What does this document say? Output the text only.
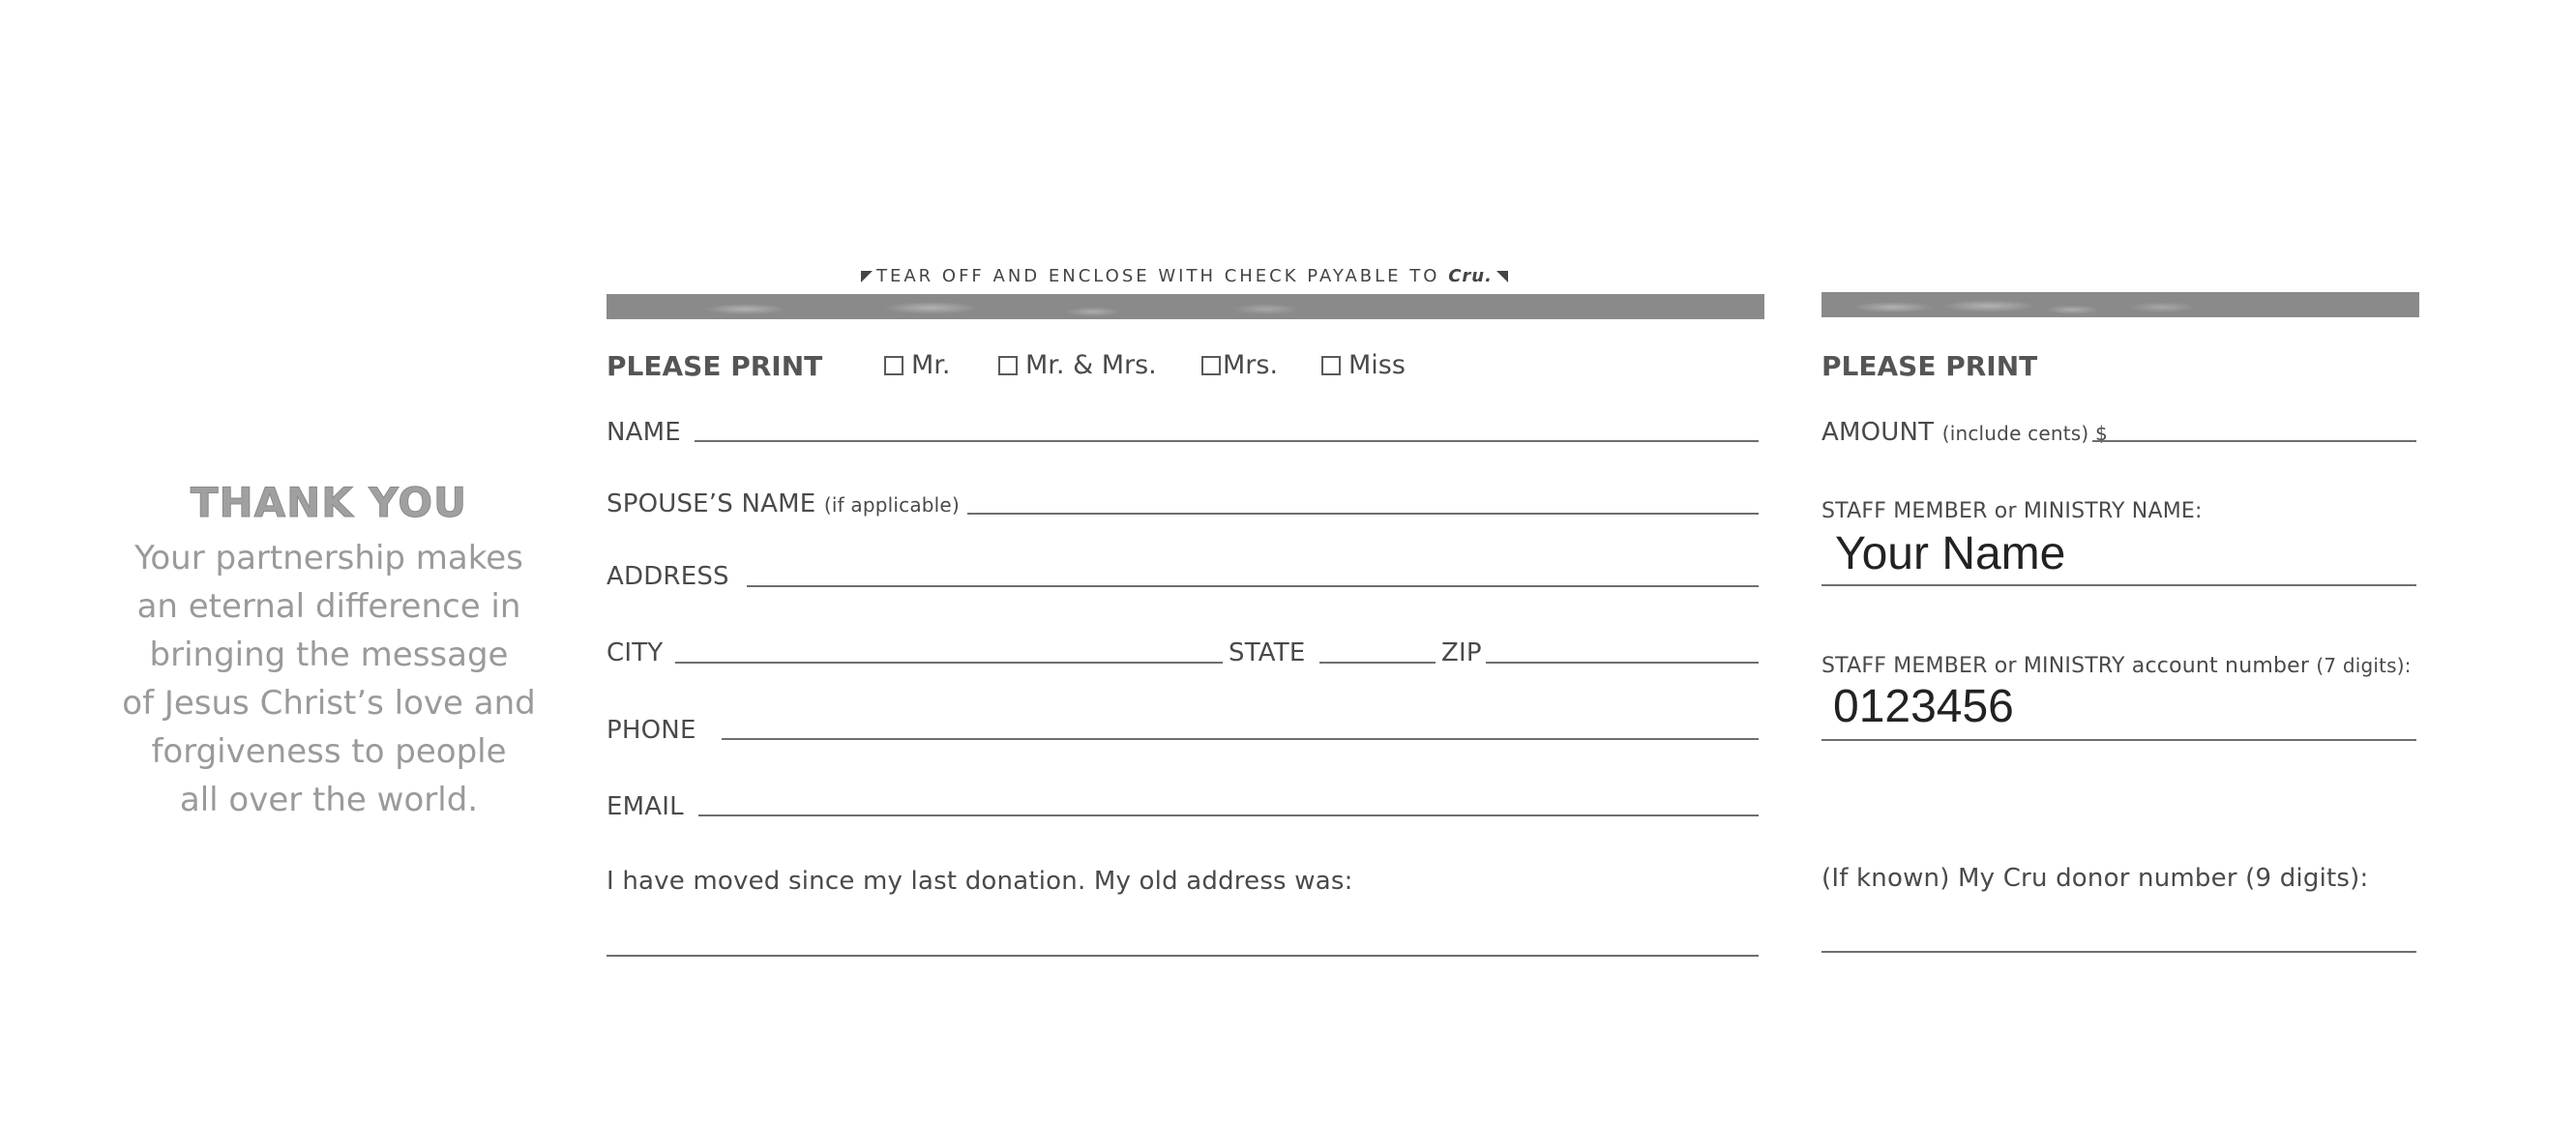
THANK YOU
Your partnership makes
an eternal difference in
bringing the message
of Jesus Christ’s love and
forgiveness to people
all over the world.
TEAR OFF AND ENCLOSE WITH CHECK PAYABLE TO Cru.
PLEASE PRINT	Mr.	Mr. & Mrs.	Mrs.	Miss
NAME
SPOUSE’S NAME (if applicable)
ADDRESS
CITY	STATE	ZIP
PHONE
EMAIL
I have moved since my last donation. My old address was:
PLEASE PRINT
AMOUNT (include cents) $
STAFF MEMBER or MINISTRY NAME:
Your Name
STAFF MEMBER or MINISTRY account number (7 digits):
0123456
(If known) My Cru donor number (9 digits):
